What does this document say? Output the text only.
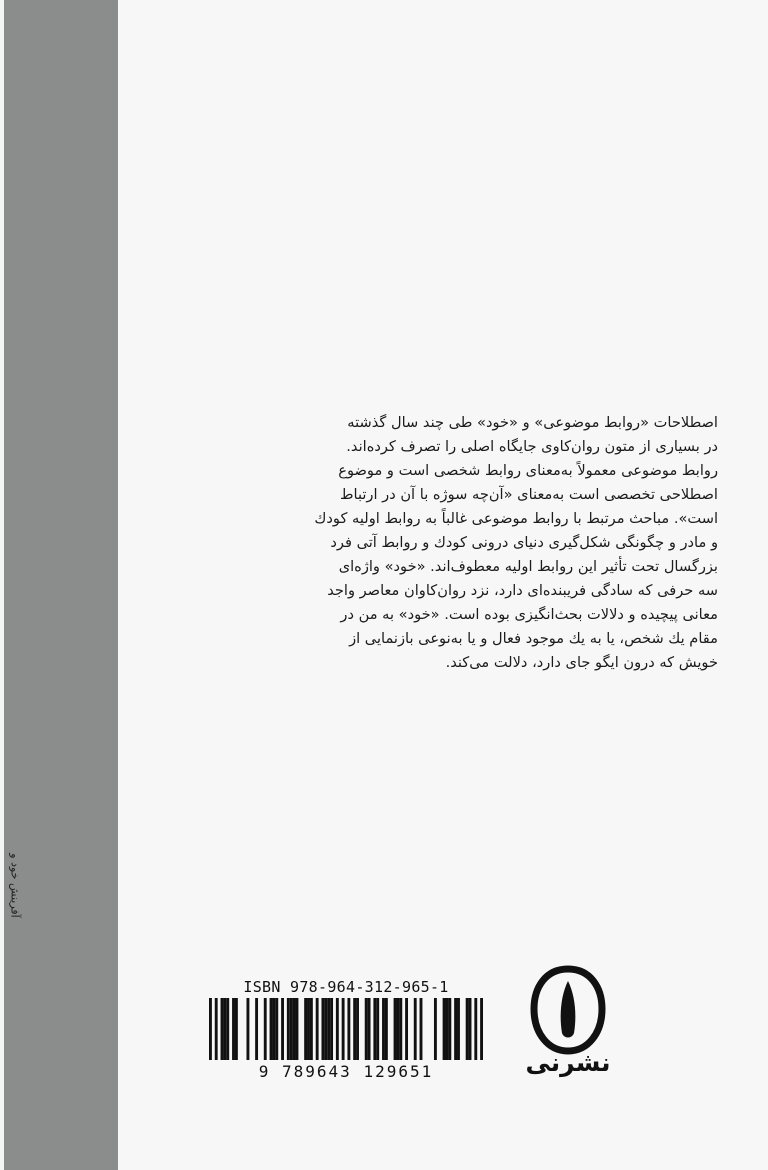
آفرینش خود و

اصطلاحات «روابط موضوعی» و «خود» طی چند سال گذشته

در بسیاری از متون روان‌کاوی جایگاه اصلی را تصرف کرده‌اند.

روابط موضوعی معمولاً به‌معنای روابط شخصی است و موضوع

اصطلاحی تخصصی است به‌معنای «آن‌چه سوژه با آن در ارتباط

است». مباحث مرتبط با روابط موضوعی غالباً به روابط اولیه کودك

و مادر و چگونگی شکل‌گیری دنیای درونی کودك و روابط آتی فرد

بزرگسال تحت تأثیر این روابط اولیه معطوف‌اند. «خود» واژه‌ای

سه حرفی که سادگی فریبنده‌ای دارد، نزد روان‌کاوان معاصر واجد

معانی پیچیده و دلالات بحث‌انگیزی بوده است. «خود» به من در

مقام یك شخص، یا به یك موجود فعال و یا به‌نوعی بازنمایی از

خویش که درون ایگو جای دارد، دلالت می‌کند.

ISBN 978-964-312-965-1
9 789643 129651	نشرنی
